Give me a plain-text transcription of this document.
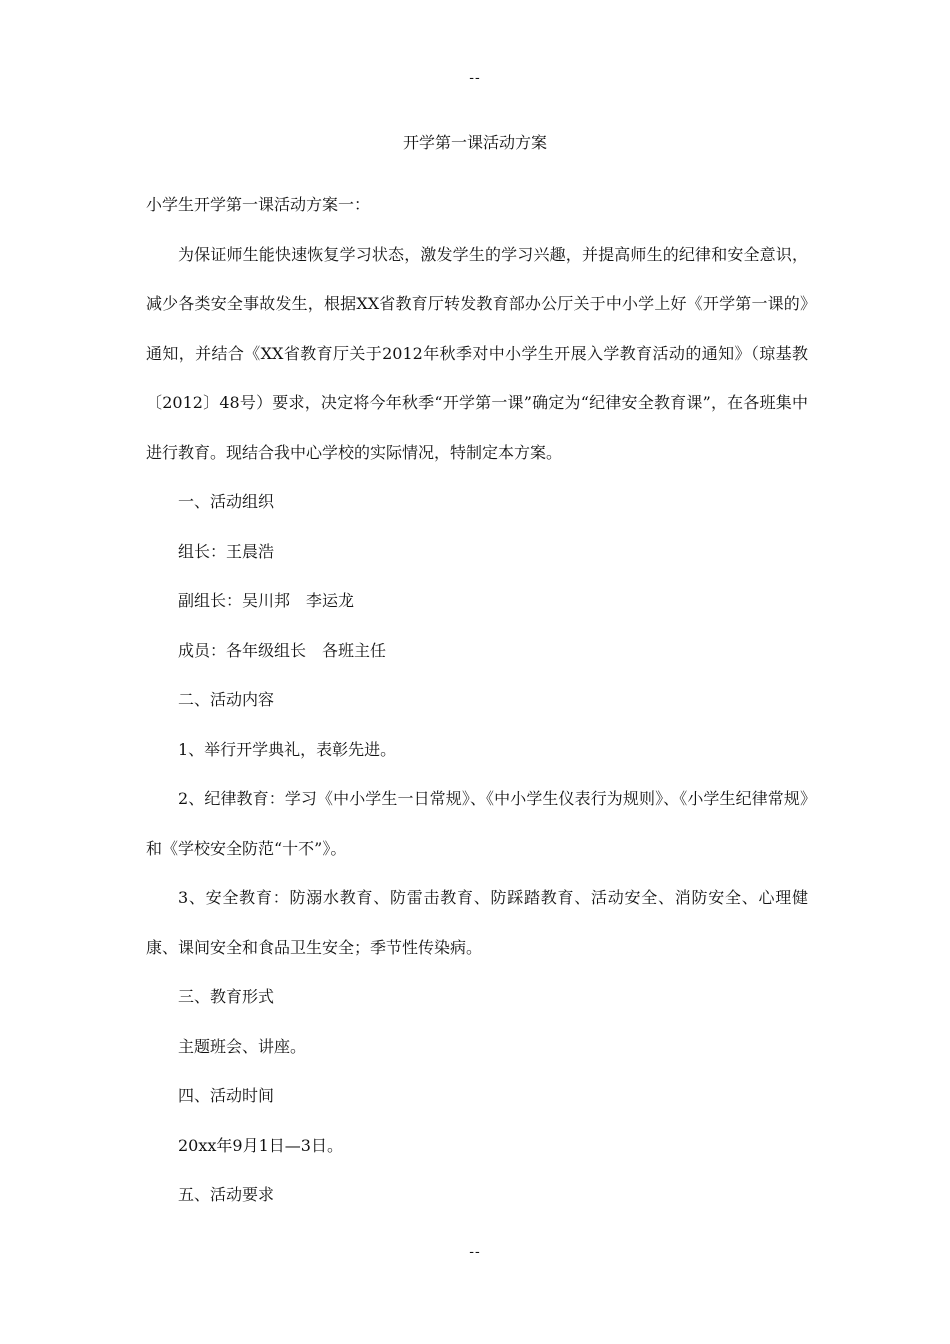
--
开学第一课活动方案

小学生开学第一课活动方案一：

为保证师生能快速恢复学习状态，激发学生的学习兴趣，并提高师生的纪律和安全意识，减少各类安全事故发生，根据XX省教育厅转发教育部办公厅关于中小学上好《开学第一课的》通知，并结合《XX省教育厅关于2012年秋季对中小学生开展入学教育活动的通知》（琼基教〔2012〕48号）要求，决定将今年秋季“开学第一课”确定为“纪律安全教育课”，在各班集中进行教育。现结合我中心学校的实际情况，特制定本方案。

一、活动组织

组长：王晨浩

副组长：吴川邦　李运龙

成员：各年级组长　各班主任

二、活动内容

1、举行开学典礼，表彰先进。

2、纪律教育：学习《中小学生一日常规》、《中小学生仪表行为规则》、《小学生纪律常规》和《学校安全防范“十不”》。

3、安全教育：防溺水教育、防雷击教育、防踩踏教育、活动安全、消防安全、心理健康、课间安全和食品卫生安全；季节性传染病。

三、教育形式

主题班会、讲座。

四、活动时间

20xx年9月1日—3日。

五、活动要求

--
